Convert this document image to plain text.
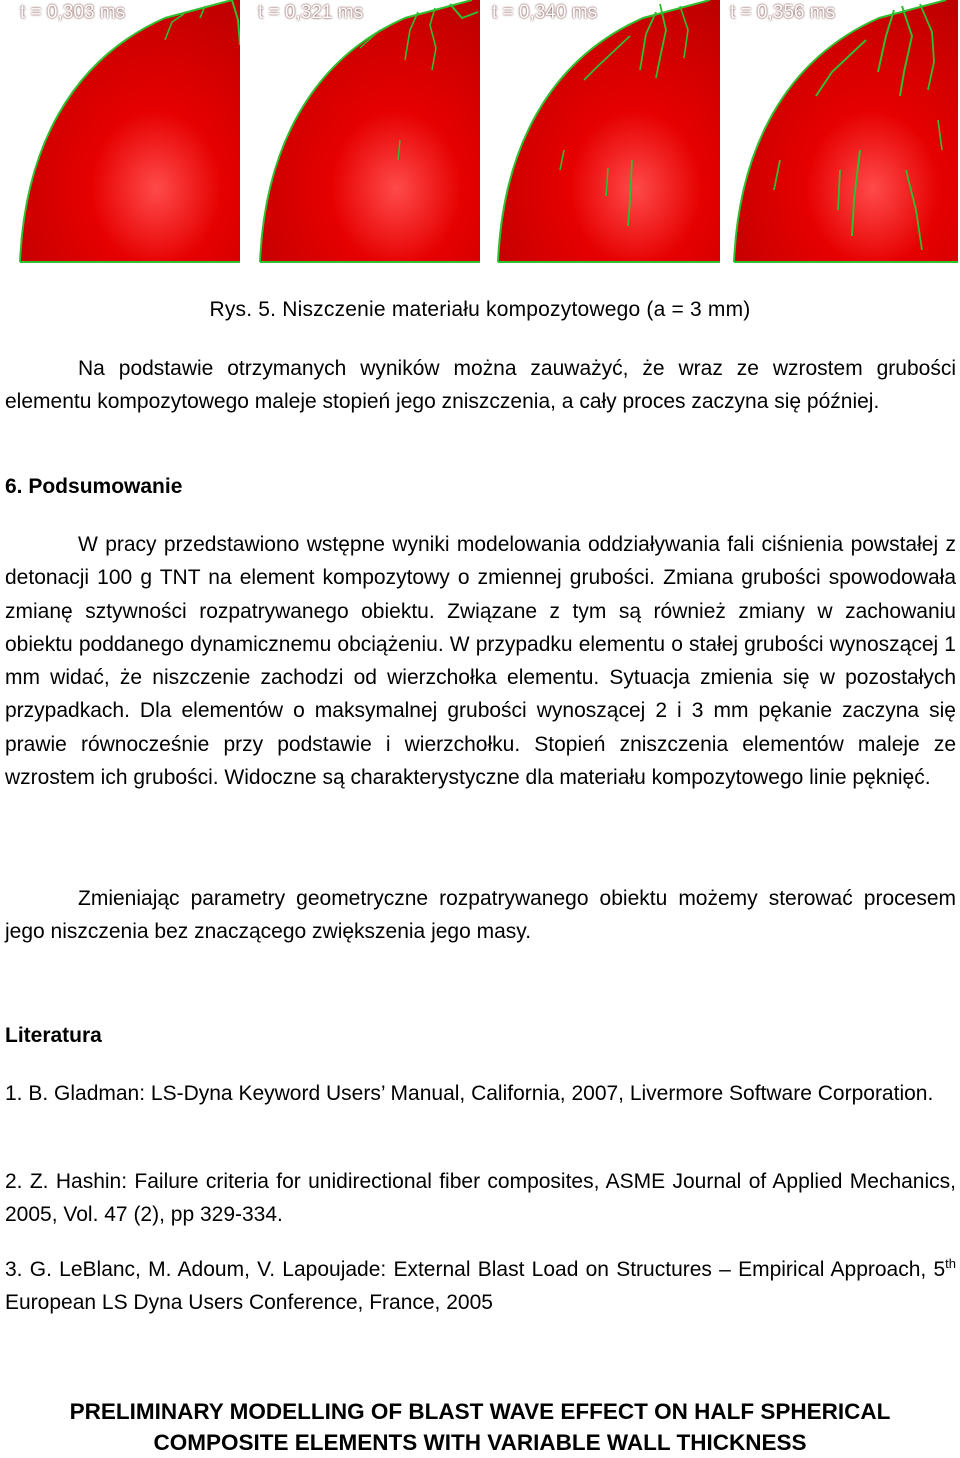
t = 0,303 ms	t = 0,321 ms	t = 0,340 ms	t = 0,356 ms
Rys. 5. Niszczenie materiału kompozytowego (a = 3 mm)

Na podstawie otrzymanych wyników można zauważyć, że wraz ze wzrostem grubości elementu kompozytowego maleje stopień jego zniszczenia, a cały proces zaczyna się później.

6. Podsumowanie

W pracy przedstawiono wstępne wyniki modelowania oddziaływania fali ciśnienia powstałej z detonacji 100 g TNT na element kompozytowy o zmiennej grubości. Zmiana grubości spowodowała zmianę sztywności rozpatrywanego obiektu. Związane z tym są również zmiany w zachowaniu obiektu poddanego dynamicznemu obciążeniu. W przypadku elementu o stałej grubości wynoszącej 1 mm widać, że niszczenie zachodzi od wierzchołka elementu. Sytuacja zmienia się w pozostałych przypadkach. Dla elementów o maksymalnej grubości wynoszącej 2 i 3 mm pękanie zaczyna się prawie równocześnie przy podstawie i wierzchołku. Stopień zniszczenia elementów maleje ze wzrostem ich grubości. Widoczne są charakterystyczne dla materiału kompozytowego linie pęknięć.

Zmieniając parametry geometryczne rozpatrywanego obiektu możemy sterować procesem jego niszczenia bez znaczącego zwiększenia jego masy.

Literatura

1. B. Gladman: LS-Dyna Keyword Users’ Manual, California, 2007, Livermore Software Corporation.

2. Z. Hashin: Failure criteria for unidirectional fiber composites, ASME Journal of Applied Mechanics, 2005, Vol. 47 (2), pp 329-334.

3. G. LeBlanc, M. Adoum, V. Lapoujade: External Blast Load on Structures – Empirical Approach, 5th European LS Dyna Users Conference, France, 2005

PRELIMINARY MODELLING OF BLAST WAVE EFFECT ON HALF SPHERICAL
COMPOSITE ELEMENTS WITH VARIABLE WALL THICKNESS
